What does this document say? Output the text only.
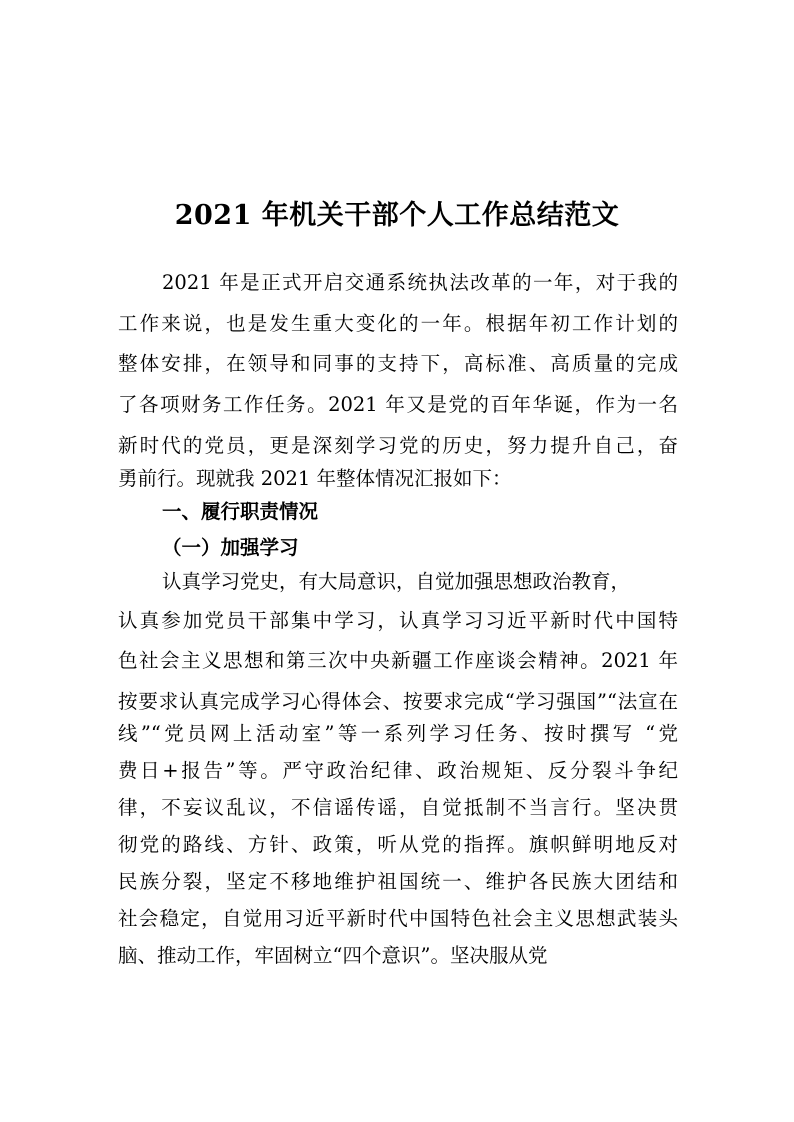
2021 年机关干部个人工作总结范文
2021 年是正式开启交通系统执法改革的一年，对于我的
工作来说，也是发生重大变化的一年。根据年初工作计划的
整体安排，在领导和同事的支持下，高标准、高质量的完成
了各项财务工作任务。2021 年又是党的百年华诞，作为一名
新时代的党员，更是深刻学习党的历史，努力提升自己，奋
勇前行。现就我 2021 年整体情况汇报如下：
一、履行职责情况
（一）加强学习
认真学习党史，有大局意识，自觉加强思想政治教育，
认真参加党员干部集中学习，认真学习习近平新时代中国特
色社会主义思想和第三次中央新疆工作座谈会精神。2021 年
按要求认真完成学习心得体会、按要求完成“学习强国”“法宣在
线”“党员网上活动室”等一系列学习任务、按时撰写 “党
费日+报告”等。严守政治纪律、政治规矩、反分裂斗争纪
律，不妄议乱议，不信谣传谣，自觉抵制不当言行。坚决贯
彻党的路线、方针、政策，听从党的指挥。旗帜鲜明地反对
民族分裂，坚定不移地维护祖国统一、维护各民族大团结和
社会稳定，自觉用习近平新时代中国特色社会主义思想武装头
脑、推动工作，牢固树立“四个意识”。坚决服从党
